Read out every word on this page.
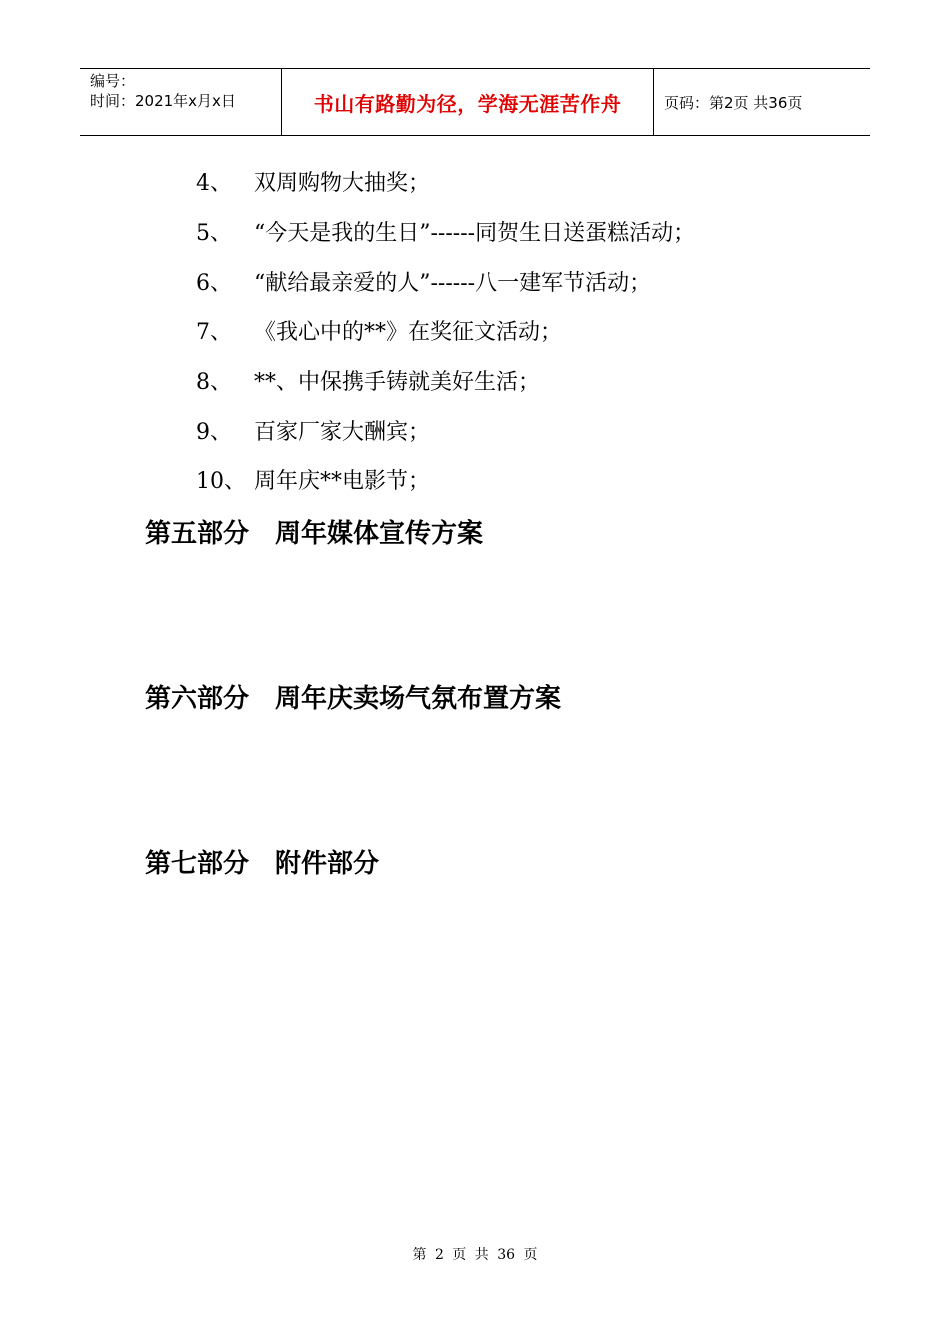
编号：
时间：2021年x月x日	书山有路勤为径，学海无涯苦作舟	页码：第2页 共36页
4、 双周购物大抽奖；
5、 “今天是我的生日”------同贺生日送蛋糕活动；
6、 “献给最亲爱的人”------八一建军节活动；
7、 《我心中的**》在奖征文活动；
8、 **、中保携手铸就美好生活；
9、 百家厂家大酬宾；
10、 周年庆**电影节；
第五部分　周年媒体宣传方案
第六部分　周年庆卖场气氛布置方案
第七部分　附件部分
第 2 页 共 36 页
